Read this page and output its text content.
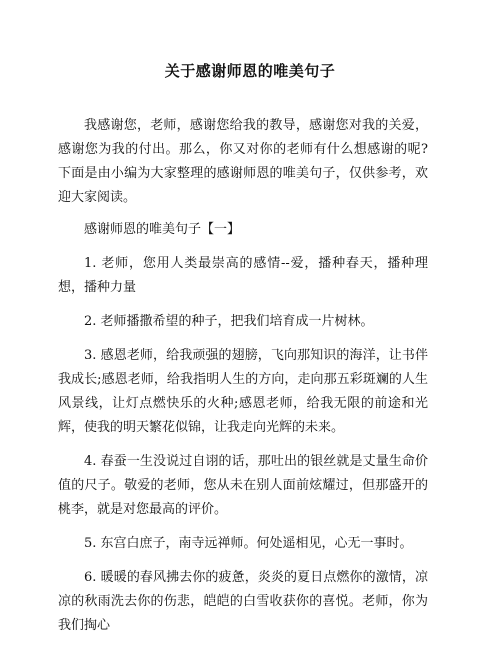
关于感谢师恩的唯美句子

我感谢您，老师，感谢您给我的教导，感谢您对我的关爱，感谢您为我的付出。那么，你又对你的老师有什么想感谢的呢?下面是由小编为大家整理的感谢师恩的唯美句子，仅供参考，欢迎大家阅读。

感谢师恩的唯美句子【一】

1. 老师，您用人类最崇高的感情--爱，播种春天，播种理想，播种力量

2. 老师播撒希望的种子，把我们培育成一片树林。

3. 感恩老师，给我顽强的翅膀，飞向那知识的海洋，让书伴我成长;感恩老师，给我指明人生的方向，走向那五彩斑斓的人生风景线，让灯点燃快乐的火种;感恩老师，给我无限的前途和光辉，使我的明天繁花似锦，让我走向光辉的未来。

4. 春蚕一生没说过自诩的话，那吐出的银丝就是丈量生命价值的尺子。敬爱的老师，您从未在别人面前炫耀过，但那盛开的桃李，就是对您最高的评价。

5. 东宫白庶子，南寺远禅师。何处遥相见，心无一事时。

6. 暖暖的春风拂去你的疲惫，炎炎的夏日点燃你的激情，凉凉的秋雨洗去你的伤悲，皑皑的白雪收获你的喜悦。老师，你为我们掏心
